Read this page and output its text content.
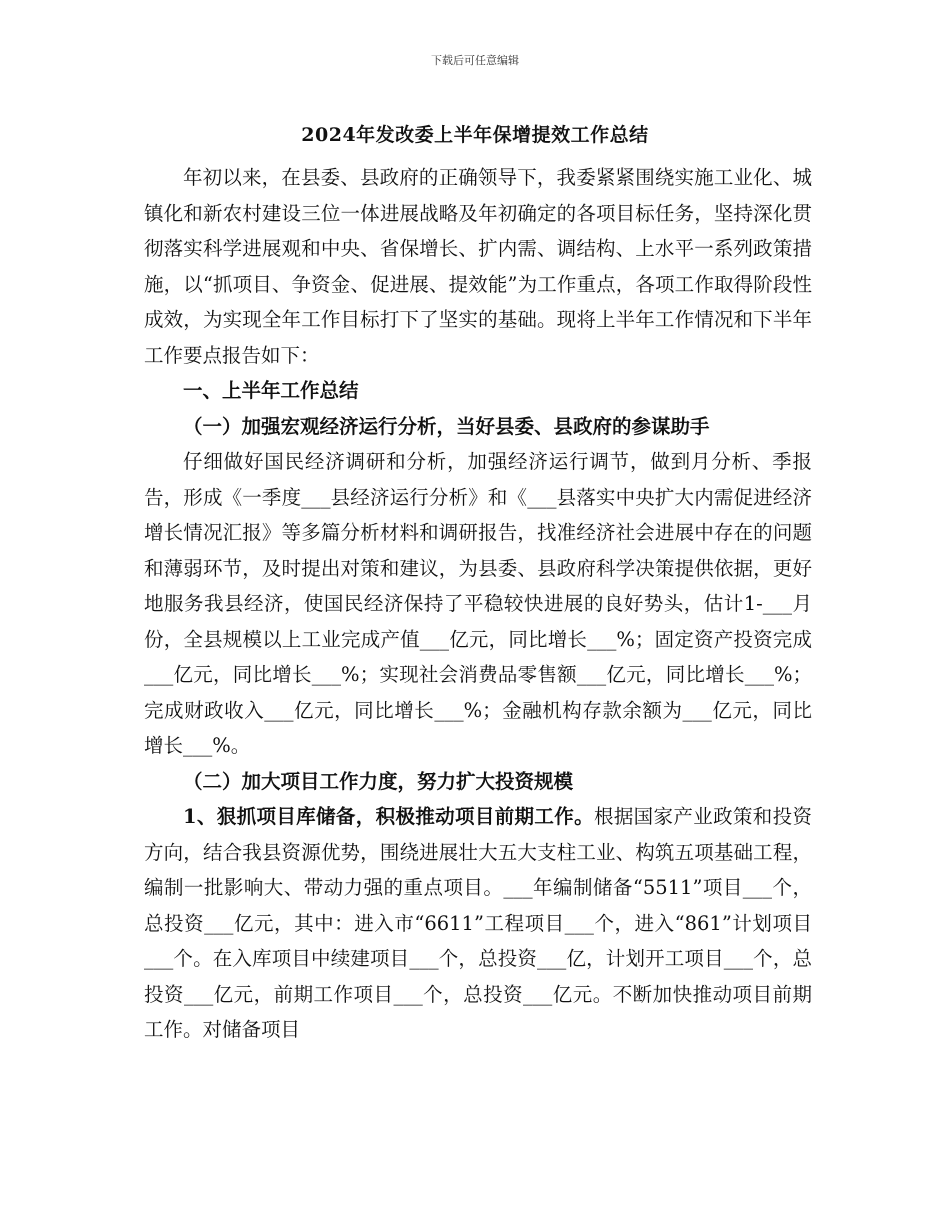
下载后可任意编辑
2024年发改委上半年保增提效工作总结

年初以来，在县委、县政府的正确领导下，我委紧紧围绕实施工业化、城镇化和新农村建设三位一体进展战略及年初确定的各项目标任务，坚持深化贯彻落实科学进展观和中央、省保增长、扩内需、调结构、上水平一系列政策措施，以“抓项目、争资金、促进展、提效能”为工作重点，各项工作取得阶段性成效，为实现全年工作目标打下了坚实的基础。现将上半年工作情况和下半年工作要点报告如下：

一、上半年工作总结

（一）加强宏观经济运行分析，当好县委、县政府的参谋助手

仔细做好国民经济调研和分析，加强经济运行调节，做到月分析、季报告，形成《一季度___县经济运行分析》和《___县落实中央扩大内需促进经济增长情况汇报》等多篇分析材料和调研报告，找准经济社会进展中存在的问题和薄弱环节，及时提出对策和建议，为县委、县政府科学决策提供依据，更好地服务我县经济，使国民经济保持了平稳较快进展的良好势头，估计1-___月份，全县规模以上工业完成产值___亿元，同比增长___%；固定资产投资完成___亿元，同比增长___%；实现社会消费品零售额___亿元，同比增长___%；完成财政收入___亿元，同比增长___%；金融机构存款余额为___亿元，同比增长___%。

（二）加大项目工作力度，努力扩大投资规模

1、狠抓项目库储备，积极推动项目前期工作。根据国家产业政策和投资方向，结合我县资源优势，围绕进展壮大五大支柱工业、构筑五项基础工程，编制一批影响大、带动力强的重点项目。___年编制储备“5511”项目___个，总投资___亿元，其中：进入市“6611”工程项目___个，进入“861”计划项目___个。在入库项目中续建项目___个，总投资___亿，计划开工项目___个，总投资___亿元，前期工作项目___个，总投资___亿元。不断加快推动项目前期工作。对储备项目
